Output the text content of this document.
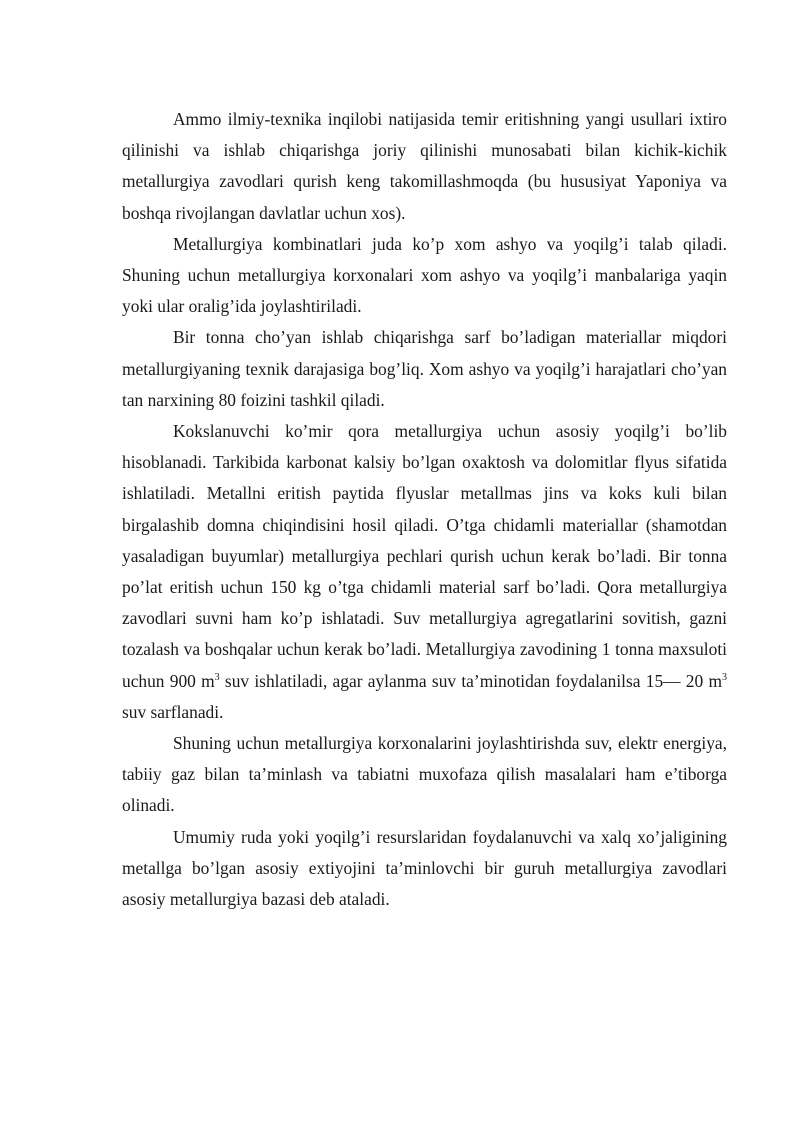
Ammo ilmiy-texnika inqilobi natijasida temir eritishning yangi usullari ixtiro qilinishi va ishlab chiqarishga joriy qilinishi munosabati bilan kichik-kichik metallurgiya zavodlari qurish keng takomillashmoqda (bu hususiyat Yaponiya va boshqa rivojlangan davlatlar uchun xos).

Metallurgiya kombinatlari juda ko’p xom ashyo va yoqilg’i talab qiladi. Shuning uchun metallurgiya korxonalari xom ashyo va yoqilg’i manbalariga yaqin yoki ular oralig’ida joylashtiriladi.

Bir tonna cho’yan ishlab chiqarishga sarf bo’ladigan materiallar miqdori metallurgiyaning texnik darajasiga bog’liq. Xom ashyo va yoqilg’i harajatlari cho’yan tan narxining 80 foizini tashkil qiladi.

Kokslanuvchi ko’mir qora metallurgiya uchun asosiy yoqilg’i bo’lib hisoblanadi. Tarkibida karbonat kalsiy bo’lgan oxaktosh va dolomitlar flyus sifatida ishlatiladi. Metallni eritish paytida flyuslar metallmas jins va koks kuli bilan birgalashib domna chiqindisini hosil qiladi. O’tga chidamli materiallar (shamotdan yasaladigan buyumlar) metallurgiya pechlari qurish uchun kerak bo’ladi. Bir tonna po’lat eritish uchun 150 kg o’tga chidamli material sarf bo’ladi. Qora metallurgiya zavodlari suvni ham ko’p ishlatadi. Suv metallurgiya agregatlarini sovitish, gazni tozalash va boshqalar uchun kerak bo’ladi. Metallurgiya zavodining 1 tonna maxsuloti uchun 900 $m^3$ suv ishlatiladi, agar aylanma suv ta’minotidan foydalanilsa 15— 20 $m^3$ suv sarflanadi.

Shuning uchun metallurgiya korxonalarini joylashtirishda suv, elektr energiya, tabiiy gaz bilan ta’minlash va tabiatni muxofaza qilish masalalari ham e’tiborga olinadi.

Umumiy ruda yoki yoqilg’i resurslaridan foydalanuvchi va xalq xo’jaligining metallga bo’lgan asosiy extiyojini ta’minlovchi bir guruh metallurgiya zavodlari asosiy metallurgiya bazasi deb ataladi.
